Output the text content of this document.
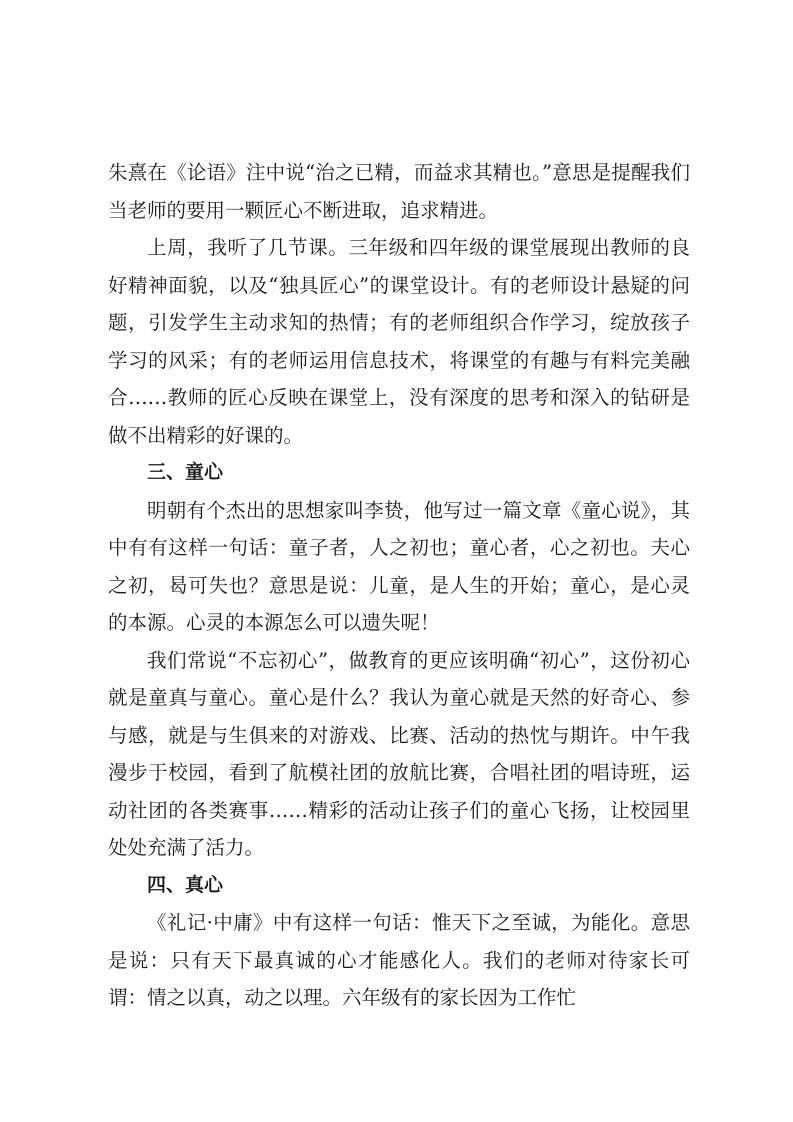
朱熹在《论语》注中说“治之已精，而益求其精也。”意思是提醒我们当老师的要用一颗匠心不断进取，追求精进。

上周，我听了几节课。三年级和四年级的课堂展现出教师的良好精神面貌，以及“独具匠心”的课堂设计。有的老师设计悬疑的问题，引发学生主动求知的热情；有的老师组织合作学习，绽放孩子学习的风采；有的老师运用信息技术，将课堂的有趣与有料完美融合……教师的匠心反映在课堂上，没有深度的思考和深入的钻研是做不出精彩的好课的。

三、童心

明朝有个杰出的思想家叫李贽，他写过一篇文章《童心说》，其中有有这样一句话：童子者，人之初也；童心者，心之初也。夫心之初，曷可失也？意思是说：儿童，是人生的开始；童心，是心灵的本源。心灵的本源怎么可以遗失呢！

我们常说“不忘初心”，做教育的更应该明确“初心”，这份初心就是童真与童心。童心是什么？我认为童心就是天然的好奇心、参与感，就是与生俱来的对游戏、比赛、活动的热忱与期许。中午我漫步于校园，看到了航模社团的放航比赛，合唱社团的唱诗班，运动社团的各类赛事……精彩的活动让孩子们的童心飞扬，让校园里处处充满了活力。

四、真心

《礼记·中庸》中有这样一句话：惟天下之至诚，为能化。意思是说：只有天下最真诚的心才能感化人。我们的老师对待家长可谓：情之以真，动之以理。六年级有的家长因为工作忙
